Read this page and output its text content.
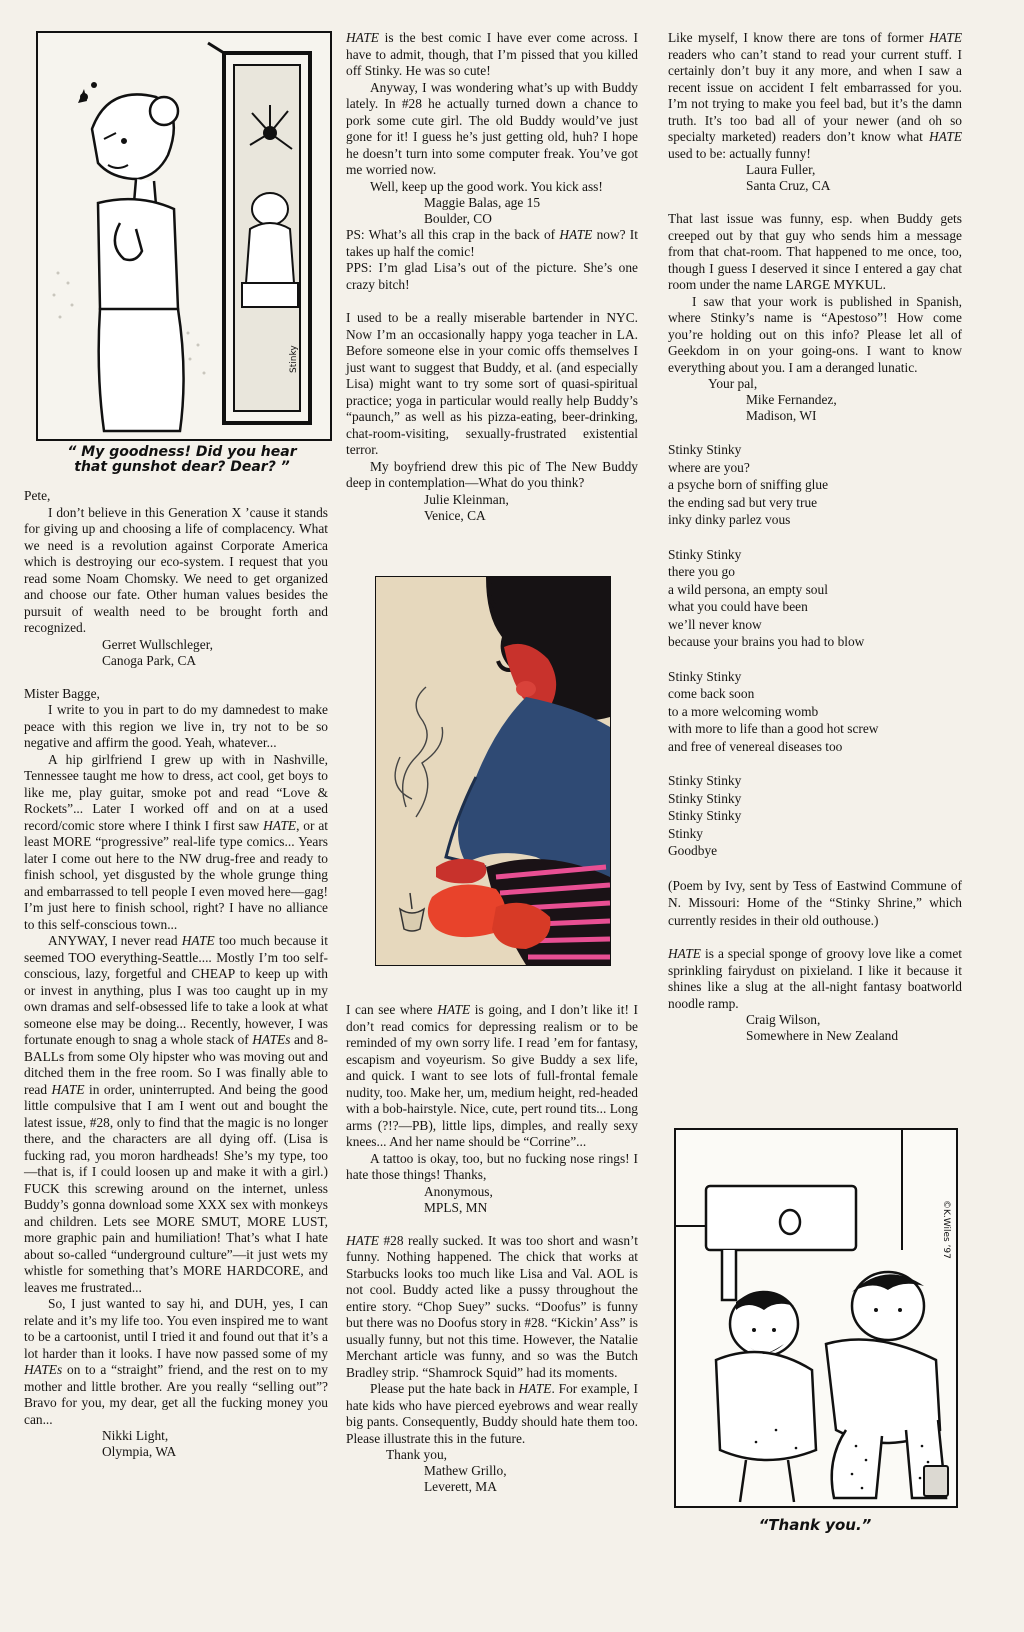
Stinky
“ My goodness! Did you hear that gunshot dear? Dear? ”

Pete,

I don’t believe in this Generation X ’cause it stands for giving up and choosing a life of complacency. What we need is a revolution against Corporate America which is destroying our eco-system. I request that you read some Noam Chomsky. We need to get organized and choose our fate. Other human values besides the pursuit of wealth need to be brought forth and recognized.

Gerret Wullschleger,

Canoga Park, CA

Mister Bagge,

I write to you in part to do my damnedest to make peace with this region we live in, try not to be so negative and affirm the good. Yeah, whatever...

A hip girlfriend I grew up with in Nashville, Tennessee taught me how to dress, act cool, get boys to like me, play guitar, smoke pot and read “Love & Rockets”... Later I worked off and on at a used record/comic store where I think I first saw HATE, or at least MORE “progressive” real-life type comics... Years later I come out here to the NW drug-free and ready to finish school, yet disgusted by the whole grunge thing and embarrassed to tell people I even moved here—gag! I’m just here to finish school, right? I have no alliance to this self-conscious town...

ANYWAY, I never read HATE too much because it seemed TOO everything-Seattle.... Mostly I’m too self-conscious, lazy, forgetful and CHEAP to keep up with or invest in anything, plus I was too caught up in my own dramas and self-obsessed life to take a look at what someone else may be doing... Recently, however, I was fortunate enough to snag a whole stack of HATEs and 8-BALLs from some Oly hipster who was moving out and ditched them in the free room. So I was finally able to read HATE in order, uninterrupted. And being the good little compulsive that I am I went out and bought the latest issue, #28, only to find that the magic is no longer there, and the characters are all dying off. (Lisa is fucking rad, you moron hardheads! She’s my type, too—that is, if I could loosen up and make it with a girl.) FUCK this screwing around on the internet, unless Buddy’s gonna download some XXX sex with monkeys and children. Lets see MORE SMUT, MORE LUST, more graphic pain and humiliation! That’s what I hate about so-called “underground culture”—it just wets my whistle for something that’s MORE HARDCORE, and leaves me frustrated...

So, I just wanted to say hi, and DUH, yes, I can relate and it’s my life too. You even inspired me to want to be a cartoonist, until I tried it and found out that it’s a lot harder than it looks. I have now passed some of my HATEs on to a “straight” friend, and the rest on to my mother and little brother. Are you really “selling out”? Bravo for you, my dear, get all the fucking money you can...

Nikki Light,

Olympia, WA

HATE is the best comic I have ever come across. I have to admit, though, that I’m pissed that you killed off Stinky. He was so cute!

Anyway, I was wondering what’s up with Buddy lately. In #28 he actually turned down a chance to pork some cute girl. The old Buddy would’ve just gone for it! I guess he’s just getting old, huh? I hope he doesn’t turn into some computer freak. You’ve got me worried now.

Well, keep up the good work. You kick ass!

Maggie Balas, age 15

Boulder, CO

PS: What’s all this crap in the back of HATE now? It takes up half the comic!

PPS: I’m glad Lisa’s out of the picture. She’s one crazy bitch!

I used to be a really miserable bartender in NYC. Now I’m an occasionally happy yoga teacher in LA. Before someone else in your comic offs themselves I just want to suggest that Buddy, et al. (and especially Lisa) might want to try some sort of quasi-spiritual practice; yoga in particular would really help Buddy’s “paunch,” as well as his pizza-eating, beer-drinking, chat-room-visiting, sexually-frustrated existential terror.

My boyfriend drew this pic of The New Buddy deep in contemplation—What do you think?

Julie Kleinman,

Venice, CA

I can see where HATE is going, and I don’t like it! I don’t read comics for depressing realism or to be reminded of my own sorry life. I read ’em for fantasy, escapism and voyeurism. So give Buddy a sex life, and quick. I want to see lots of full-frontal female nudity, too. Make her, um, medium height, red-headed with a bob-hairstyle. Nice, cute, pert round tits... Long arms (?!?—PB), little lips, dimples, and really sexy knees... And her name should be “Corrine”...

A tattoo is okay, too, but no fucking nose rings! I hate those things! Thanks,

Anonymous,

MPLS, MN

HATE #28 really sucked. It was too short and wasn’t funny. Nothing happened. The chick that works at Starbucks looks too much like Lisa and Val. AOL is not cool. Buddy acted like a pussy throughout the entire story. “Chop Suey” sucks. “Doofus” is funny but there was no Doofus story in #28. “Kickin’ Ass” is usually funny, but not this time. However, the Natalie Merchant article was funny, and so was the Butch Bradley strip. “Shamrock Squid” had its moments.

Please put the hate back in HATE. For example, I hate kids who have pierced eyebrows and wear really big pants. Consequently, Buddy should hate them too. Please illustrate this in the future.

Thank you,

Mathew Grillo,

Leverett, MA

Like myself, I know there are tons of former HATE readers who can’t stand to read your current stuff. I certainly don’t buy it any more, and when I saw a recent issue on accident I felt embarrassed for you. I’m not trying to make you feel bad, but it’s the damn truth. It’s too bad all of your newer (and oh so specialty marketed) readers don’t know what HATE used to be: actually funny!

Laura Fuller,

Santa Cruz, CA

That last issue was funny, esp. when Buddy gets creeped out by that guy who sends him a message from that chat-room. That happened to me once, too, though I guess I deserved it since I entered a gay chat room under the name LARGE MYKUL.

I saw that your work is published in Spanish, where Stinky’s name is “Apestoso”! How come you’re holding out on this info? Please let all of Geekdom in on your going-ons. I want to know everything about you. I am a deranged lunatic.

Your pal,

Mike Fernandez,

Madison, WI

Stinky Stinky

where are you?

a psyche born of sniffing glue

the ending sad but very true

inky dinky parlez vous

Stinky Stinky

there you go

a wild persona, an empty soul

what you could have been

we’ll never know

because your brains you had to blow

Stinky Stinky

come back soon

to a more welcoming womb

with more to life than a good hot screw

and free of venereal diseases too

Stinky Stinky

Stinky Stinky

Stinky Stinky

Stinky

Goodbye

(Poem by Ivy, sent by Tess of Eastwind Commune of N. Missouri: Home of the “Stinky Shrine,” which currently resides in their old outhouse.)

HATE is a special sponge of groovy love like a comet sprinkling fairydust on pixieland. I like it because it shines like a slug at the all-night fantasy boatworld noodle ramp.

Craig Wilson,

Somewhere in New Zealand

©K.Wiles ’97
“Thank you.”
